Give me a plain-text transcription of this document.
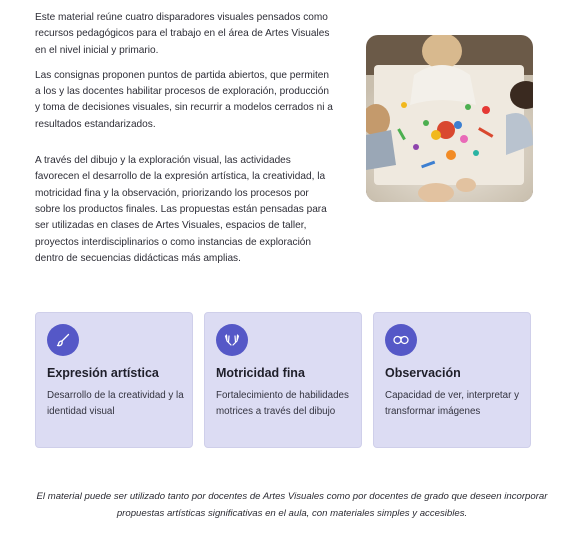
Este material reúne cuatro disparadores visuales pensados como recursos pedagógicos para el trabajo en el área de Artes Visuales en el nivel inicial y primario.

Las consignas proponen puntos de partida abiertos, que permiten a los y las docentes habilitar procesos de exploración, producción y toma de decisiones visuales, sin recurrir a modelos cerrados ni a resultados estandarizados.

A través del dibujo y la exploración visual, las actividades favorecen el desarrollo de la expresión artística, la creatividad, la motricidad fina y la observación, priorizando los procesos por sobre los productos finales. Las propuestas están pensadas para ser utilizadas en clases de Artes Visuales, espacios de taller, proyectos interdisciplinarios o como instancias de exploración dentro de secuencias didácticas más amplias.

Expresión artística
Desarrollo de la creatividad y la identidad visual
Motricidad fina
Fortalecimiento de habilidades motrices a través del dibujo
Observación
Capacidad de ver, interpretar y transformar imágenes
El material puede ser utilizado tanto por docentes de Artes Visuales como por docentes de grado que deseen incorporar propuestas artísticas significativas en el aula, con materiales simples y accesibles.
